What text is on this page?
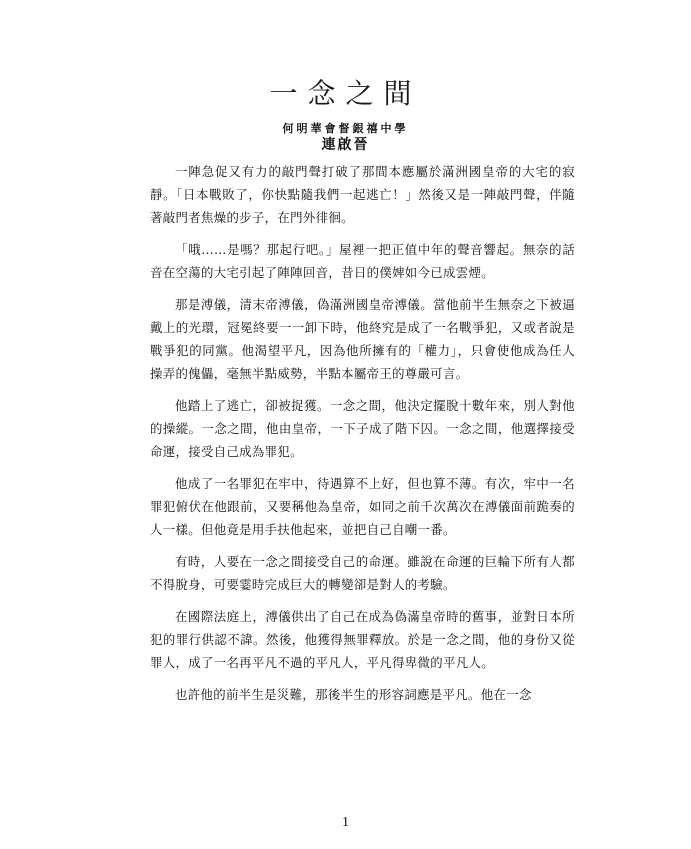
一念之間
何明華會督銀禧中學
連啟晉

一陣急促又有力的敲門聲打破了那間本應屬於滿洲國皇帝的大宅的寂靜。「日本戰敗了，你快點隨我們一起逃亡！」然後又是一陣敲門聲，伴隨著敲門者焦燥的步子，在門外徘徊。

「哦……是嗎？那起行吧。」屋裡一把正值中年的聲音響起。無奈的話音在空蕩的大宅引起了陣陣回音，昔日的僕婢如今已成雲煙。

那是溥儀，清末帝溥儀，偽滿洲國皇帝溥儀。當他前半生無奈之下被逼戴上的光環，冠冕終要一一卸下時，他終究是成了一名戰爭犯，又或者說是戰爭犯的同黨。他渴望平凡，因為他所擁有的「權力」，只會使他成為任人操弄的傀儡，毫無半點威勢，半點本屬帝王的尊嚴可言。

他踏上了逃亡，卻被捉獲。一念之間，他決定擺脫十數年來，別人對他的操縱。一念之間，他由皇帝，一下子成了階下囚。一念之間，他選擇接受命運，接受自己成為罪犯。

他成了一名罪犯在牢中，待遇算不上好，但也算不薄。有次，牢中一名罪犯俯伏在他跟前，又要稱他為皇帝，如同之前千次萬次在溥儀面前跪奏的人一樣。但他竟是用手扶他起來，並把自己自嘲一番。

有時，人要在一念之間接受自己的命運。雖說在命運的巨輪下所有人都不得脫身，可要霎時完成巨大的轉變卻是對人的考驗。

在國際法庭上，溥儀供出了自己在成為偽滿皇帝時的舊事，並對日本所犯的罪行供認不諱。然後，他獲得無罪釋放。於是一念之間，他的身份又從罪人，成了一名再平凡不過的平凡人，平凡得卑微的平凡人。

也許他的前半生是災難，那後半生的形容詞應是平凡。他在一念

1
